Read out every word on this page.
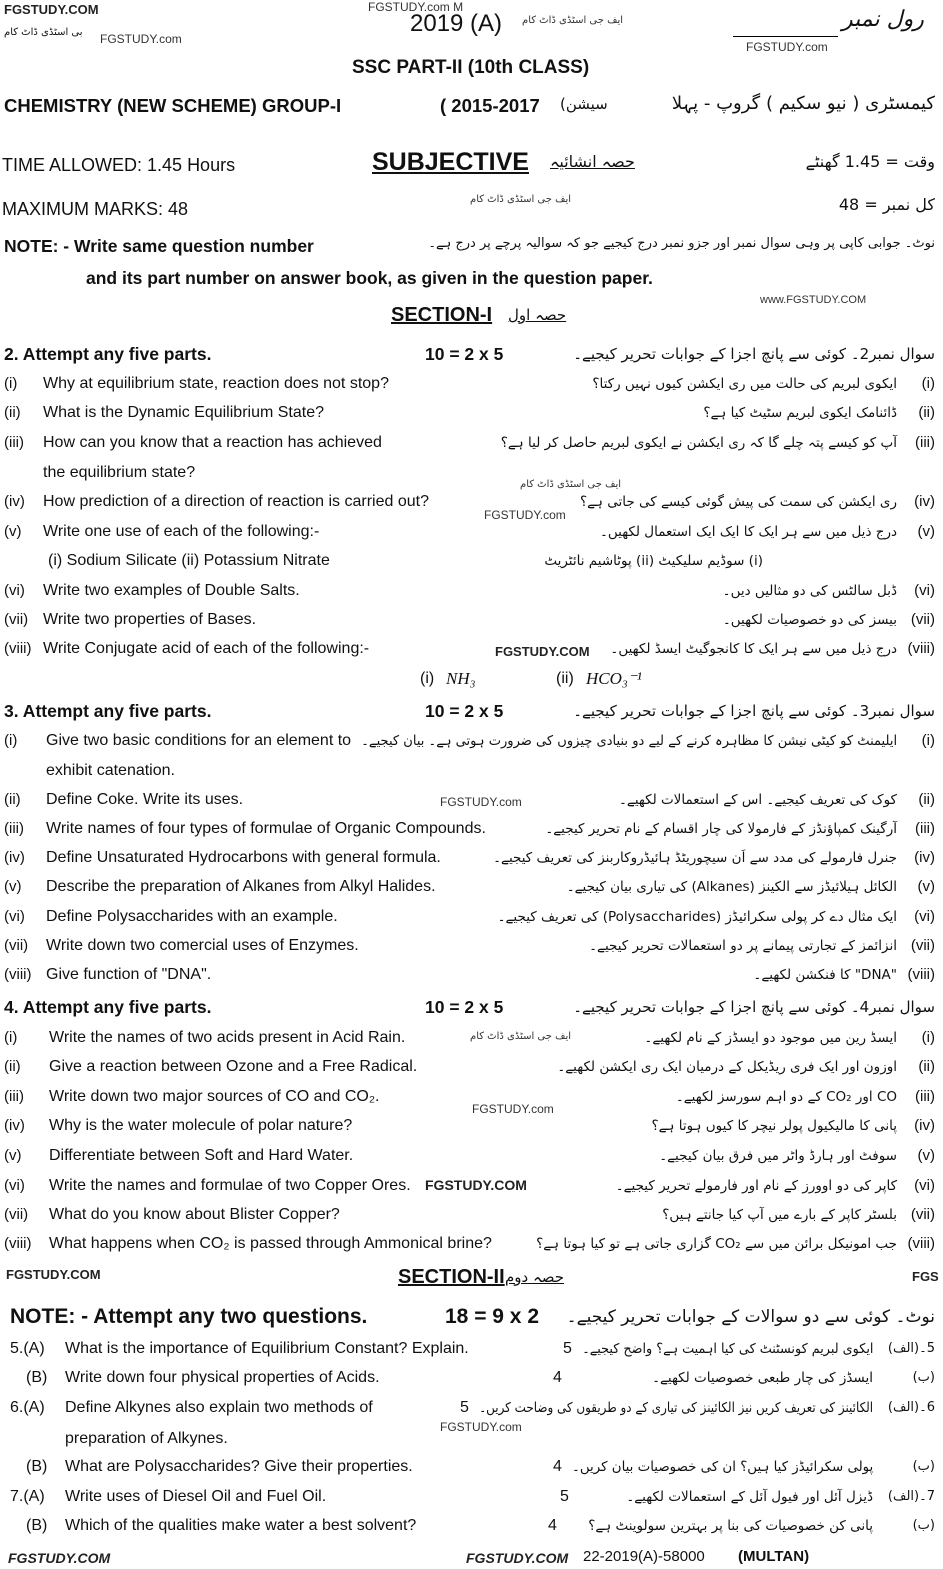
FGSTUDY.COM
بی اسٹڈی ڈاٹ کام FGSTUDY.com
FGSTUDY.com M
ایف جی اسٹڈی ڈاٹ کام
FGSTUDY.com
ایف جی اسٹڈی ڈاٹ کام
www.FGSTUDY.COM
FGSTUDY.com
ایف جی اسٹڈی ڈاٹ کام
FGSTUDY.COM
FGSTUDY.com
ایف جی اسٹڈی ڈاٹ کام
FGSTUDY.com
FGSTUDY.COM
FGSTUDY.COM	FGS
FGSTUDY.com
FGSTUDY.COM	FGSTUDY.COM
2019 (A)	رول نمبر
SSC PART-II (10th CLASS)
CHEMISTRY (NEW SCHEME) GROUP-I	( 2015-2017 سیشن)	کیمسٹری ( نیو سکیم ) گروپ - پہلا
TIME ALLOWED: 1.45 Hours	SUBJECTIVE حصہ انشائیہ	وقت = 1.45 گھنٹے
MAXIMUM MARKS: 48	کل نمبر = 48
NOTE: - Write same question number	نوٹ۔ جوابی کاپی پر وہی سوال نمبر اور جزو نمبر درج کیجیے جو کہ سوالیہ پرچے پر درج ہے۔
and its part number on answer book, as given in the question paper.
SECTION-I حصہ اول
2. Attempt any five parts.	10 = 2 x 5	سوال نمبر2۔ کوئی سے پانچ اجزا کے جوابات تحریر کیجیے۔
(i) Why at equilibrium state, reaction does not stop?	ایکوی لبریم کی حالت میں ری ایکشن کیوں نہیں رکتا؟ (i)
(ii) What is the Dynamic Equilibrium State?	ڈائنامک ایکوی لبریم سٹیٹ کیا ہے؟ (ii)
(iii) How can you know that a reaction has achieved	آپ کو کیسے پتہ چلے گا کہ ری ایکشن نے ایکوی لبریم حاصل کر لیا ہے؟ (iii)
the equilibrium state?
(iv) How prediction of a direction of reaction is carried out?	ری ایکشن کی سمت کی پیش گوئی کیسے کی جاتی ہے؟ (iv)
(v) Write one use of each of the following:-	درج ذیل میں سے ہر ایک کا ایک ایک استعمال لکھیں۔ (v)
(i) Sodium Silicate (ii) Potassium Nitrate	(i) سوڈیم سلیکیٹ (ii) پوٹاشیم نائٹریٹ
(vi) Write two examples of Double Salts.	ڈبل سالٹس کی دو مثالیں دیں۔ (vi)
(vii) Write two properties of Bases.	بیسز کی دو خصوصیات لکھیں۔ (vii)
(viii) Write Conjugate acid of each of the following:-	درج ذیل میں سے ہر ایک کا کانجوگیٹ ایسڈ لکھیں۔ (viii)
(i) NH₃	(ii) HCO₃⁻¹
3. Attempt any five parts.	10 = 2 x 5	سوال نمبر3۔ کوئی سے پانچ اجزا کے جوابات تحریر کیجیے۔
(i) Give two basic conditions for an element to ایلیمنٹ کو کیٹی نیشن کا مظاہرہ کرنے کے لیے دو بنیادی چیزوں کی ضرورت ہوتی ہے۔ بیان کیجیے۔ (i)
exhibit catenation.
(ii) Define Coke. Write its uses.	کوک کی تعریف کیجیے۔ اس کے استعمالات لکھیے۔ (ii)
(iii) Write names of four types of formulae of Organic Compounds.	آرگینک کمپاؤنڈز کے فارمولا کی چار اقسام کے نام تحریر کیجیے۔ (iii)
(iv) Define Unsaturated Hydrocarbons with general formula.	جنرل فارمولے کی مدد سے اَن سیچوریٹڈ ہائیڈروکاربنز کی تعریف کیجیے۔ (iv)
(v) Describe the preparation of Alkanes from Alkyl Halides.	الکائل ہیلائیڈز سے الکینز (Alkanes) کی تیاری بیان کیجیے۔ (v)
(vi) Define Polysaccharides with an example.	ایک مثال دے کر پولی سکرائیڈز (Polysaccharides) کی تعریف کیجیے۔ (vi)
(vii) Write down two comercial uses of Enzymes.	انزائمز کے تجارتی پیمانے پر دو استعمالات تحریر کیجیے۔ (vii)
(viii) Give function of "DNA".	"DNA" کا فنکشن لکھیے۔ (viii)
4. Attempt any five parts.	10 = 2 x 5	سوال نمبر4۔ کوئی سے پانچ اجزا کے جوابات تحریر کیجیے۔
(i) Write the names of two acids present in Acid Rain.	ایسڈ رین میں موجود دو ایسڈز کے نام لکھیے۔ (i)
(ii) Give a reaction between Ozone and a Free Radical.	اوزون اور ایک فری ریڈیکل کے درمیان ایک ری ایکشن لکھیے۔ (ii)
(iii) Write down two major sources of CO and CO₂.	CO اور CO₂ کے دو اہم سورسز لکھیے۔ (iii)
(iv) Why is the water molecule of polar nature?	پانی کا مالیکیول پولر نیچر کا کیوں ہوتا ہے؟ (iv)
(v) Differentiate between Soft and Hard Water.	سوفٹ اور ہارڈ واٹر میں فرق بیان کیجیے۔ (v)
(vi) Write the names and formulae of two Copper Ores.	کاپر کی دو اوورز کے نام اور فارمولے تحریر کیجیے۔ (vi)
(vii) What do you know about Blister Copper?	بلسٹر کاپر کے بارے میں آپ کیا جانتے ہیں؟ (vii)
(viii) What happens when CO₂ is passed through Ammonical brine?	جب امونیکل برائن میں سے CO₂ گزاری جاتی ہے تو کیا ہوتا ہے؟ (viii)
SECTION-II حصہ دوم
NOTE: - Attempt any two questions.	18 = 9 x 2 نوٹ۔ کوئی سے دو سوالات کے جوابات تحریر کیجیے۔
5.(A) What is the importance of Equilibrium Constant? Explain.	5 ایکوی لبریم کونسٹنٹ کی کیا اہمیت ہے؟ واضح کیجیے۔ 5۔(الف)
(B) Write down four physical properties of Acids.	4	ایسڈز کی چار طبعی خصوصیات لکھیے۔	(ب)
6.(A) Define Alkynes also explain two methods of	5 الکائینز کی تعریف کریں نیز الکائینز کی تیاری کے دو طریقوں کی وضاحت کریں۔ 6۔(الف)
preparation of Alkynes.
(B) What are Polysaccharides? Give their properties.	4 پولی سکرائیڈز کیا ہیں؟ ان کی خصوصیات بیان کریں۔	(ب)
7.(A) Write uses of Diesel Oil and Fuel Oil.	5	ڈیزل آئل اور فیول آئل کے استعمالات لکھیے۔ 7۔(الف)
(B) Which of the qualities make water a best solvent?	4 پانی کن خصوصیات کی بنا پر بہترین سولوینٹ ہے؟	(ب)
22-2019(A)-58000 (MULTAN)
